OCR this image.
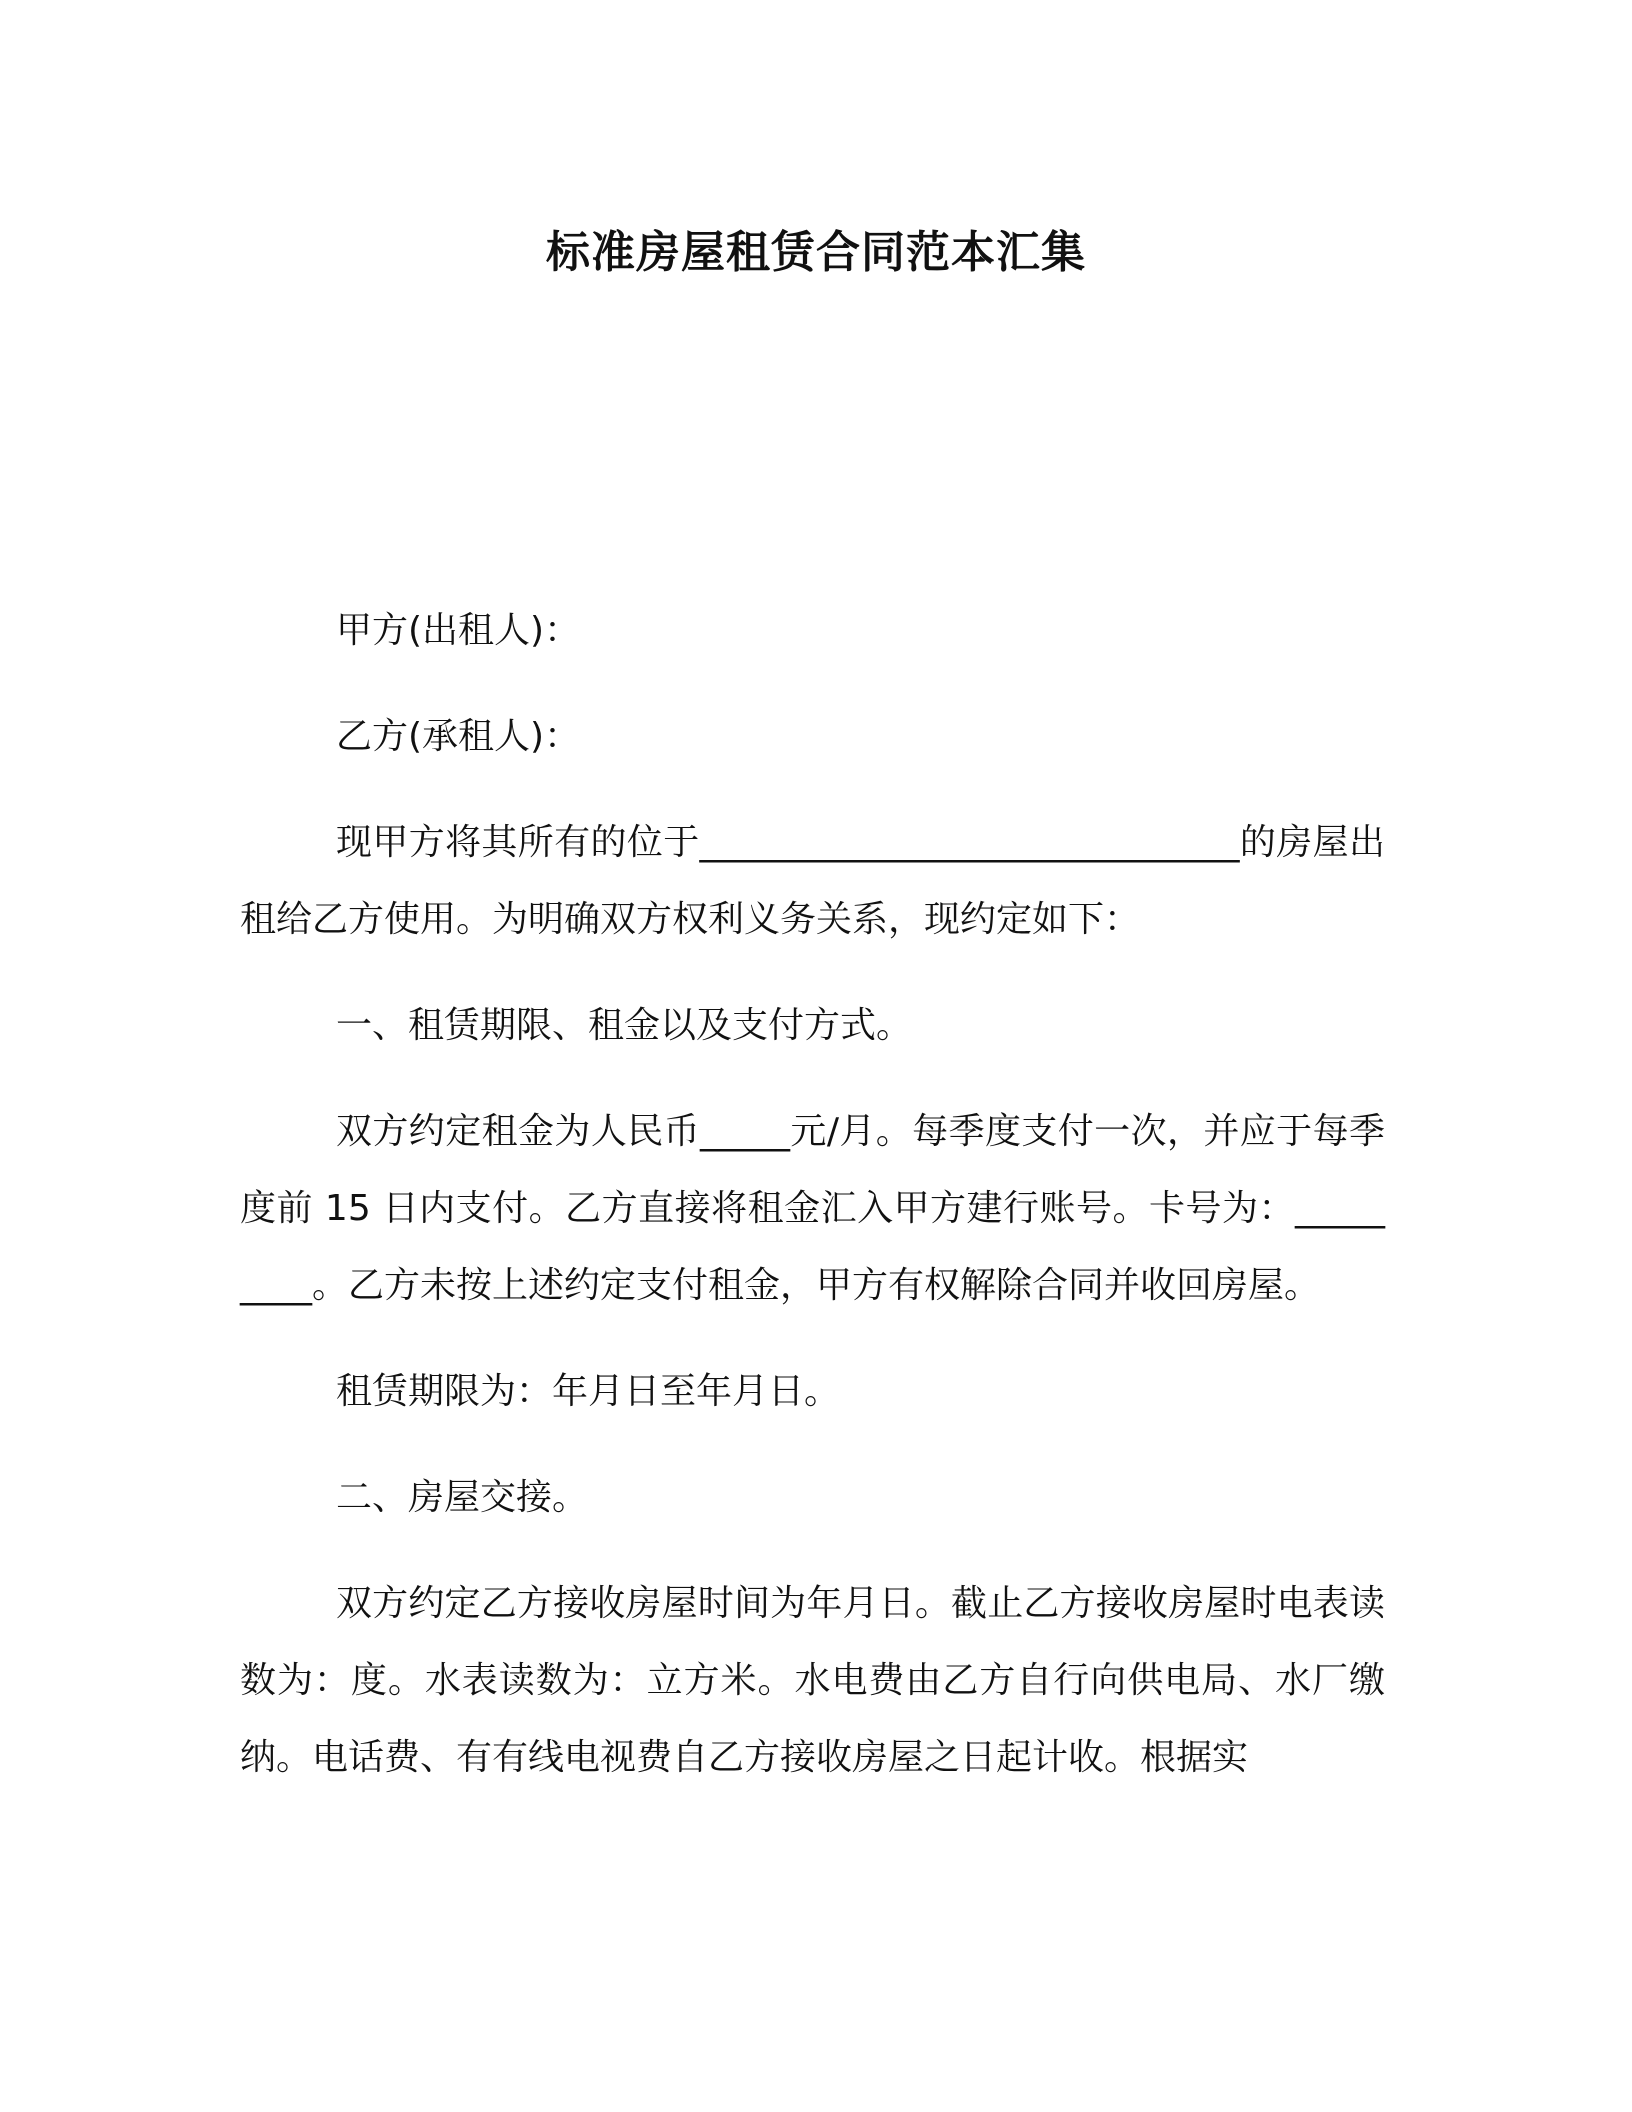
标准房屋租赁合同范本汇集

甲方(出租人)：

乙方(承租人)：

现甲方将其所有的位于______________________________的房屋出租给乙方使用。为明确双方权利义务关系，现约定如下：

一、租赁期限、租金以及支付方式。

双方约定租金为人民币_____元/月。每季度支付一次，并应于每季度前 15 日内支付。乙方直接将租金汇入甲方建行账号。卡号为：_________。乙方未按上述约定支付租金，甲方有权解除合同并收回房屋。

租赁期限为：年月日至年月日。

二、房屋交接。

双方约定乙方接收房屋时间为年月日。截止乙方接收房屋时电表读数为：度。水表读数为：立方米。水电费由乙方自行向供电局、水厂缴纳。电话费、有有线电视费自乙方接收房屋之日起计收。根据实
